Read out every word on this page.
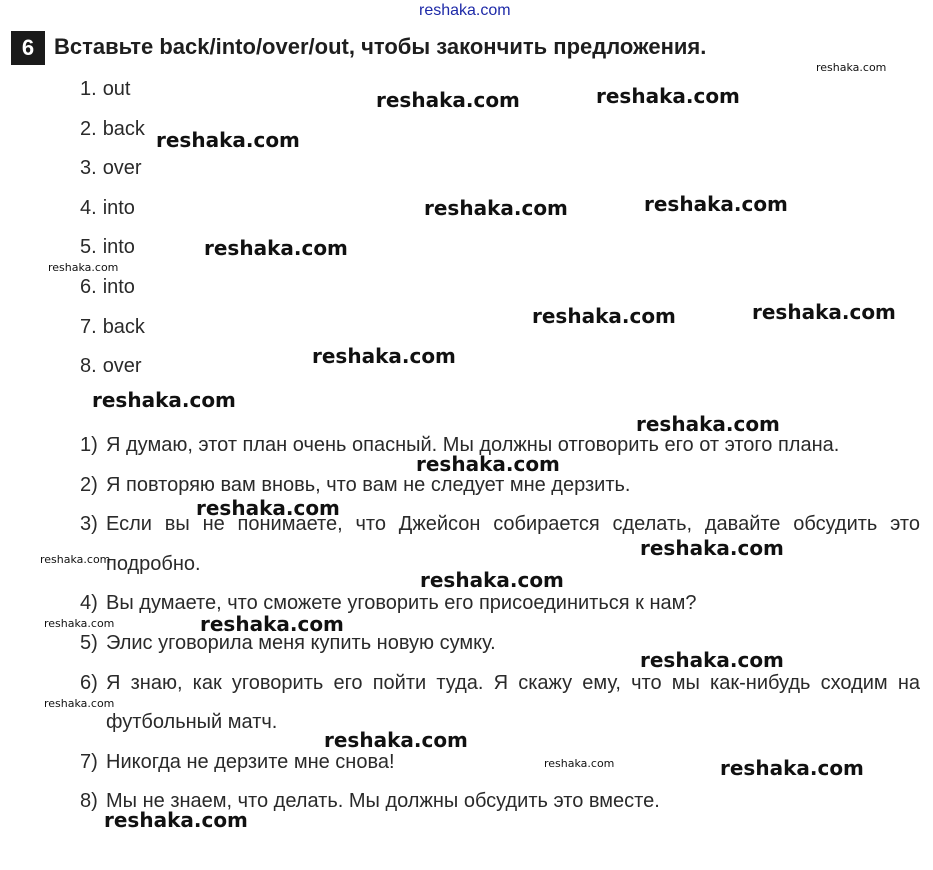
reshaka.com
6 Вставьте back/into/over/out, чтобы закончить предложения.
1. out
2. back
3. over
4. into
5. into
6. into
7. back
8. over
1) Я думаю, этот план очень опасный. Мы должны отговорить его от этого плана.
2) Я повторяю вам вновь, что вам не следует мне дерзить.
3) Если вы не понимаете, что Джейсон собирается сделать, давайте обсудить это подробно.
4) Вы думаете, что сможете уговорить его присоединиться к нам?
5) Элис уговорила меня купить новую сумку.
6) Я знаю, как уговорить его пойти туда. Я скажу ему, что мы как-нибудь сходим на футбольный матч.
7) Никогда не дерзите мне снова!
8) Мы не знаем, что делать. Мы должны обсудить это вместе.
reshaka.com
reshaka.com	reshaka.com
reshaka.com
reshaka.com	reshaka.com
reshaka.com
reshaka.com
reshaka.com	reshaka.com
reshaka.com
reshaka.com
reshaka.com
reshaka.com
reshaka.com
reshaka.com
reshaka.com
reshaka.com
reshaka.com	reshaka.com
reshaka.com
reshaka.com
reshaka.com
reshaka.com	reshaka.com
reshaka.com
